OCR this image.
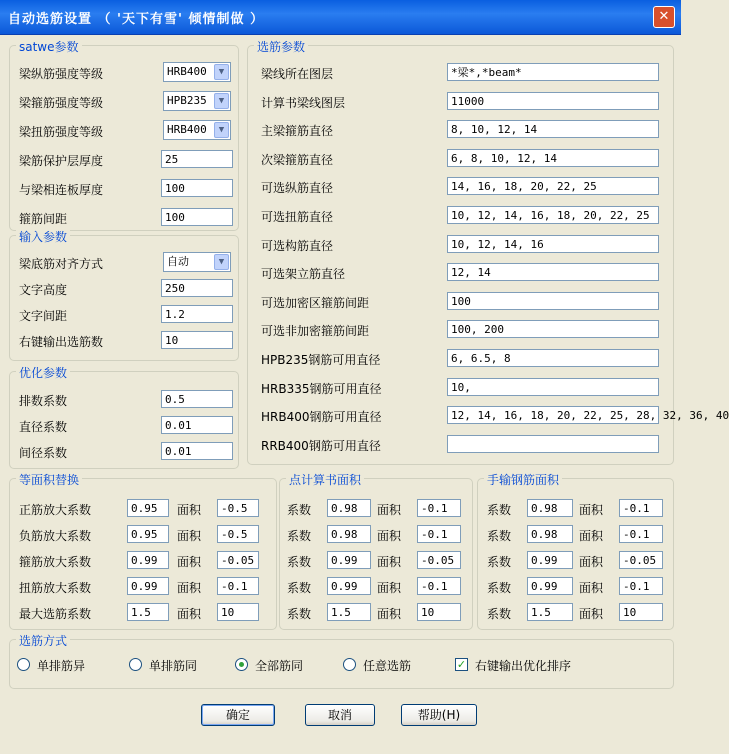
自动选筋设置 （ '天下有雪' 倾情制做 ）	✕
satwe参数
梁纵筋强度等级	HRB400	▼
梁箍筋强度等级	HPB235	▼
梁扭筋强度等级	HRB400	▼
梁筋保护层厚度	25
与梁相连板厚度	100
箍筋间距	100
输入参数
梁底筋对齐方式	自动	▼
文字高度	250
文字间距	1.2
右键输出选筋数	10
优化参数
排数系数	0.5
直径系数	0.01
间径系数	0.01
选筋参数
梁线所在图层	*梁*,*beam*
计算书梁线图层	11000
主梁箍筋直径	8, 10, 12, 14
次梁箍筋直径	6, 8, 10, 12, 14
可选纵筋直径	14, 16, 18, 20, 22, 25
可选扭筋直径	10, 12, 14, 16, 18, 20, 22, 25
可选构筋直径	10, 12, 14, 16
可选架立筋直径	12, 14
可选加密区箍筋间距	100
可选非加密箍筋间距	100, 200
HPB235钢筋可用直径	6, 6.5, 8
HRB335钢筋可用直径	10,
HRB400钢筋可用直径	12, 14, 16, 18, 20, 22, 25, 28, 32, 36, 40
RRB400钢筋可用直径
等面积替换
正筋放大系数	0.95	面积	-0.5
负筋放大系数	0.95	面积	-0.5
箍筋放大系数	0.99	面积	-0.05
扭筋放大系数	0.99	面积	-0.1
最大选筋系数	1.5	面积	10
点计算书面积
系数	0.98	面积	-0.1
系数	0.98	面积	-0.1
系数	0.99	面积	-0.05
系数	0.99	面积	-0.1
系数	1.5	面积	10
手输钢筋面积
系数	0.98	面积	-0.1
系数	0.98	面积	-0.1
系数	0.99	面积	-0.05
系数	0.99	面积	-0.1
系数	1.5	面积	10
选筋方式
单排筋异	单排筋同	全部筋同	任意选筋	✓ 右键输出优化排序
确定	取消	帮助(H)
